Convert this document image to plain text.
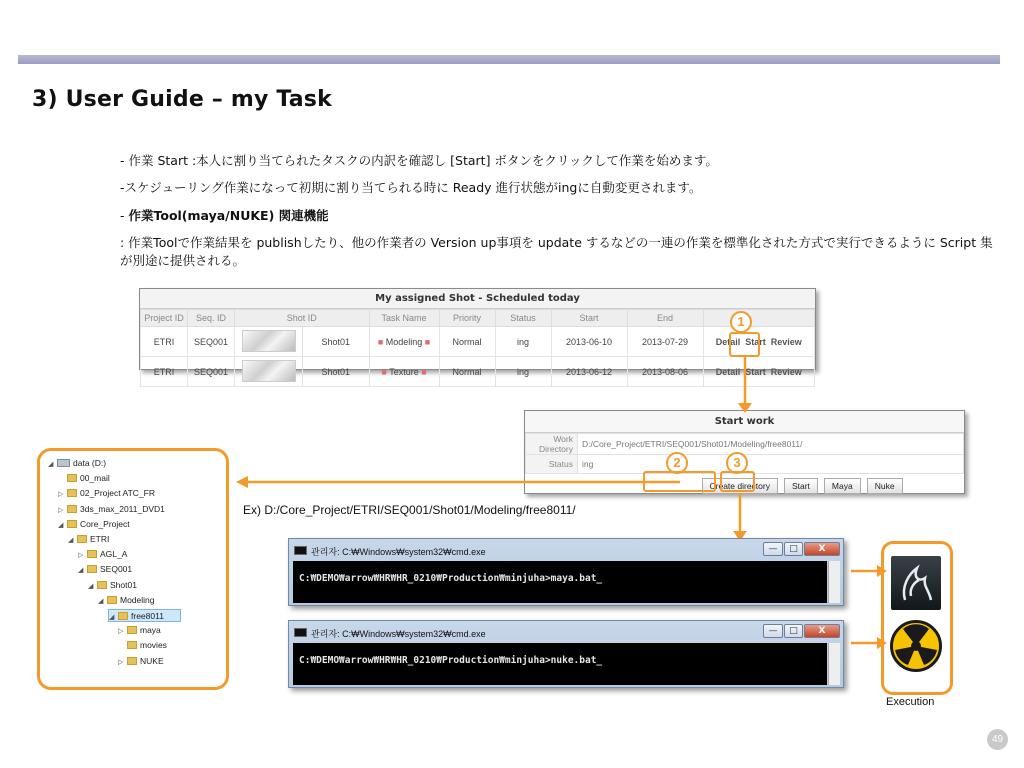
3) User Guide – my Task
- 作業 Start :本人に割り当てられたタスクの内訳を確認し [Start] ボタンをクリックして作業を始めます。
-スケジューリング作業になって初期に割り当てられる時に Ready 進行状態がingに自動変更されます。
- 作業Tool(maya/NUKE) 関連機能
: 作業Toolで作業結果を publishしたり、他の作業者の Version up事項を update するなどの一連の作業を標準化された方式で実行できるように Script 集が別途に提供される。
My assigned Shot - Scheduled today
Project ID	Seq. ID	Shot ID		Task Name	Priority	Status	Start	End	
ETRI	SEQ001		Shot01	■ Modeling ■	Normal	ing	2013-06-10	2013-07-29	Detail Start Review
ETRI	SEQ001		Shot01	■ Texture ■	Normal	ing	2013-06-12	2013-08-06	Detail Start Review
1
Start work
Work Directory	D:/Core_Project/ETRI/SEQ001/Shot01/Modeling/free8011/
Status	ing
	Create directory Start Maya Nuke
2	3
◢ data (D:)
00_mail
▷ 02_Project ATC_FR
▷ 3ds_max_2011_DVD1
◢ Core_Project
◢ ETRI
▷ AGL_A
◢ SEQ001
◢ Shot01
◢ Modeling
◢ free8011
▷ maya
movies
▷ NUKE
Ex) D:/Core_Project/ETRI/SEQ001/Shot01/Modeling/free8011/
관리자: C:₩Windows₩system32₩cmd.exe	—	□	X
C:₩DEMO₩arrow₩HR₩HR_0210₩Production₩minjuha>maya.bat_
관리자: C:₩Windows₩system32₩cmd.exe	—	□	X
C:₩DEMO₩arrow₩HR₩HR_0210₩Production₩minjuha>nuke.bat_
Execution
49
